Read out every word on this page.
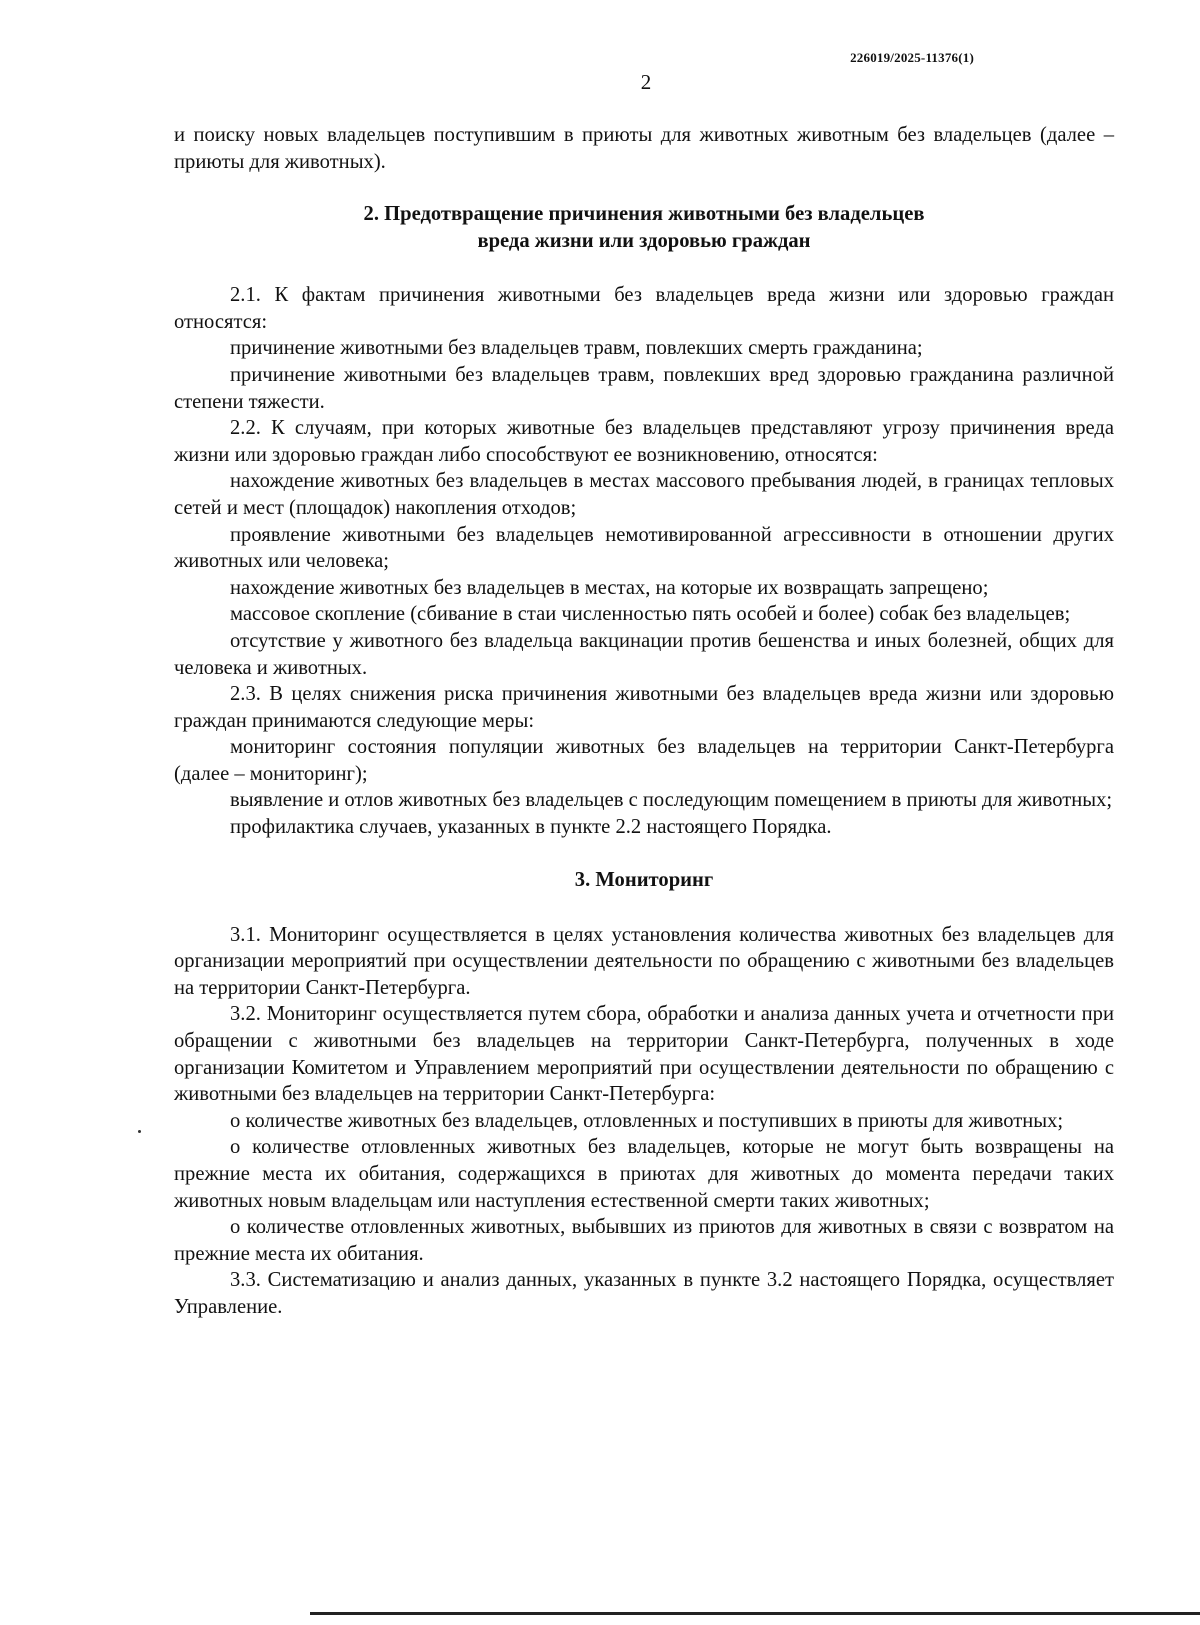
226019/2025-11376(1)
2

и поиску новых владельцев поступившим в приюты для животных животным без владельцев (далее – приюты для животных).

2. Предотвращение причинения животными без владельцев
вреда жизни или здоровью граждан

2.1. К фактам причинения животными без владельцев вреда жизни или здоровью граждан относятся:

причинение животными без владельцев травм, повлекших смерть гражданина;

причинение животными без владельцев травм, повлекших вред здоровью гражданина различной степени тяжести.

2.2. К случаям, при которых животные без владельцев представляют угрозу причинения вреда жизни или здоровью граждан либо способствуют ее возникновению, относятся:

нахождение животных без владельцев в местах массового пребывания людей, в границах тепловых сетей и мест (площадок) накопления отходов;

проявление животными без владельцев немотивированной агрессивности в отношении других животных или человека;

нахождение животных без владельцев в местах, на которые их возвращать запрещено;

массовое скопление (сбивание в стаи численностью пять особей и более) собак без владельцев;

отсутствие у животного без владельца вакцинации против бешенства и иных болезней, общих для человека и животных.

2.3. В целях снижения риска причинения животными без владельцев вреда жизни или здоровью граждан принимаются следующие меры:

мониторинг состояния популяции животных без владельцев на территории Санкт-Петербурга (далее – мониторинг);

выявление и отлов животных без владельцев с последующим помещением в приюты для животных;

профилактика случаев, указанных в пункте 2.2 настоящего Порядка.

3. Мониторинг

3.1. Мониторинг осуществляется в целях установления количества животных без владельцев для организации мероприятий при осуществлении деятельности по обращению с животными без владельцев на территории Санкт-Петербурга.

3.2. Мониторинг осуществляется путем сбора, обработки и анализа данных учета и отчетности при обращении с животными без владельцев на территории Санкт-Петербурга, полученных в ходе организации Комитетом и Управлением мероприятий при осуществлении деятельности по обращению с животными без владельцев на территории Санкт-Петербурга:

о количестве животных без владельцев, отловленных и поступивших в приюты для животных;

о количестве отловленных животных без владельцев, которые не могут быть возвращены на прежние места их обитания, содержащихся в приютах для животных до момента передачи таких животных новым владельцам или наступления естественной смерти таких животных;

о количестве отловленных животных, выбывших из приютов для животных в связи с возвратом на прежние места их обитания.

3.3. Систематизацию и анализ данных, указанных в пункте 3.2 настоящего Порядка, осуществляет Управление.
